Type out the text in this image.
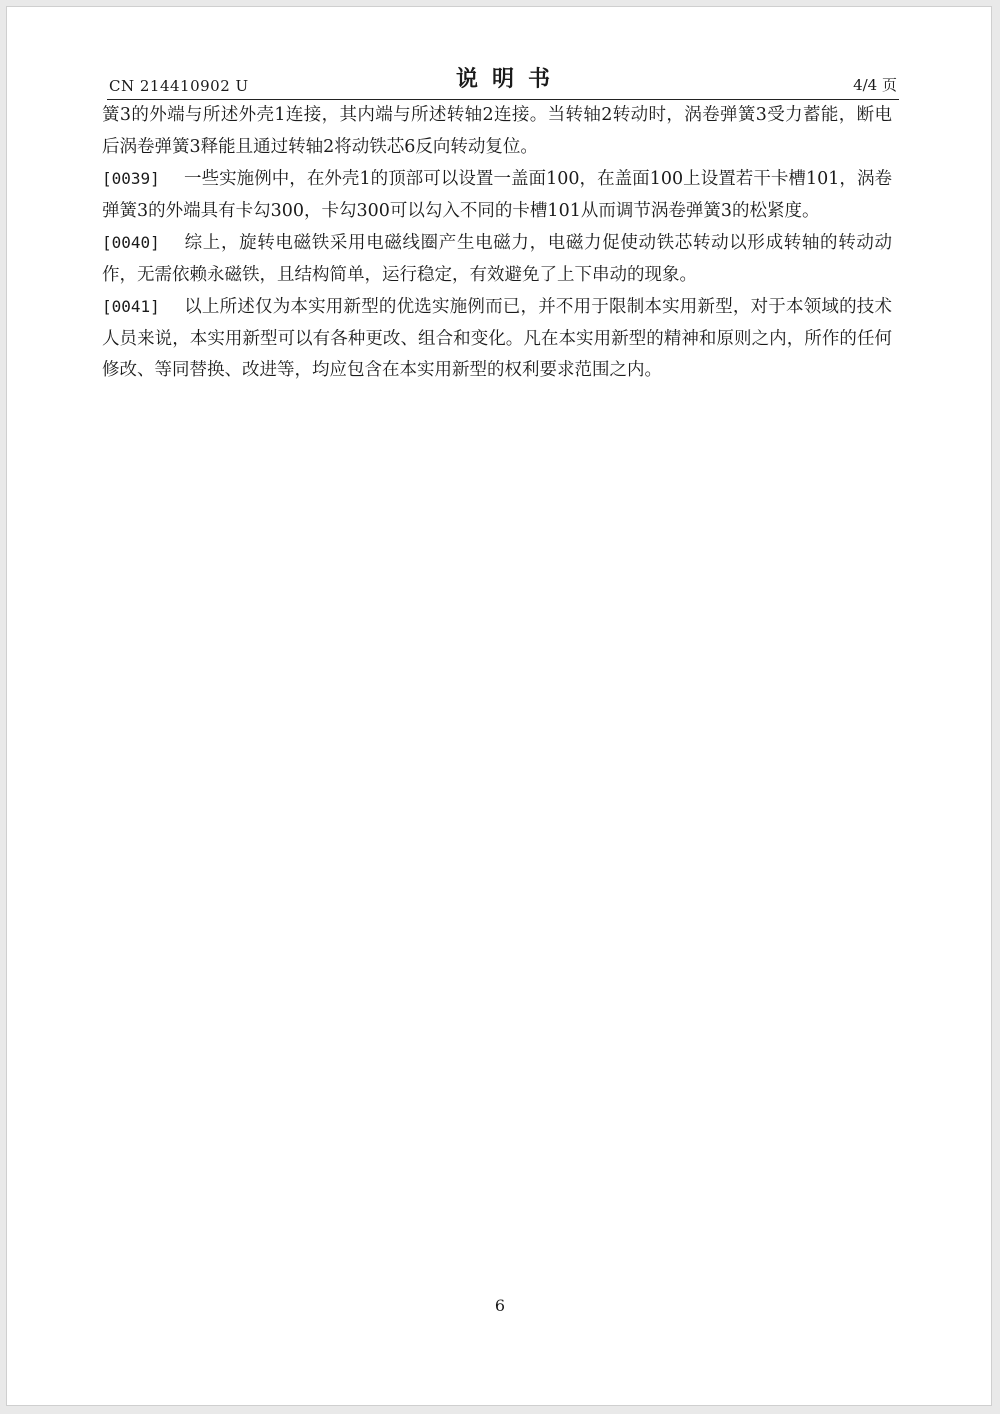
CN 214410902 U	说明书	4/4 页

簧3的外端与所述外壳1连接，其内端与所述转轴2连接。当转轴2转动时，涡卷弹簧3受力蓄能，断电后涡卷弹簧3释能且通过转轴2将动铁芯6反向转动复位。

[0039] 一些实施例中，在外壳1的顶部可以设置一盖面100，在盖面100上设置若干卡槽101，涡卷弹簧3的外端具有卡勾300，卡勾300可以勾入不同的卡槽101从而调节涡卷弹簧3的松紧度。

[0040] 综上，旋转电磁铁采用电磁线圈产生电磁力，电磁力促使动铁芯转动以形成转轴的转动动作，无需依赖永磁铁，且结构简单，运行稳定，有效避免了上下串动的现象。

[0041] 以上所述仅为本实用新型的优选实施例而已，并不用于限制本实用新型，对于本领域的技术人员来说，本实用新型可以有各种更改、组合和变化。凡在本实用新型的精神和原则之内，所作的任何修改、等同替换、改进等，均应包含在本实用新型的权利要求范围之内。

6
